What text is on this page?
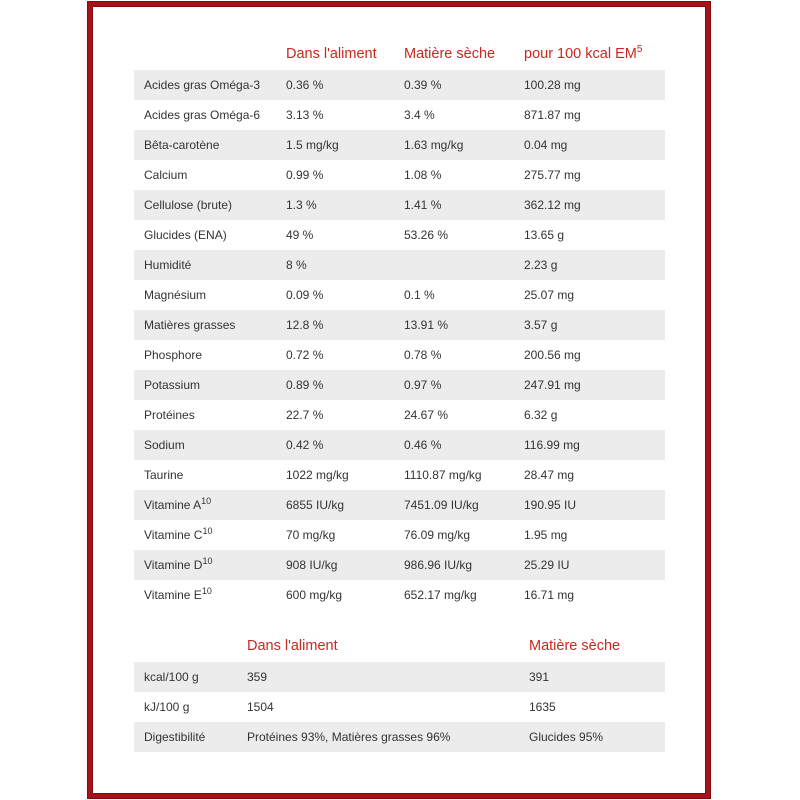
	Dans l'aliment	Matière sèche	pour 100 kcal $EM^5$
Acides gras Oméga-3	0.36 %	0.39 %	100.28 mg
Acides gras Oméga-6	3.13 %	3.4 %	871.87 mg
Bêta-carotène	1.5 mg/kg	1.63 mg/kg	0.04 mg
Calcium	0.99 %	1.08 %	275.77 mg
Cellulose (brute)	1.3 %	1.41 %	362.12 mg
Glucides (ENA)	49 %	53.26 %	13.65 g
Humidité	8 %		2.23 g
Magnésium	0.09 %	0.1 %	25.07 mg
Matières grasses	12.8 %	13.91 %	3.57 g
Phosphore	0.72 %	0.78 %	200.56 mg
Potassium	0.89 %	0.97 %	247.91 mg
Protéines	22.7 %	24.67 %	6.32 g
Sodium	0.42 %	0.46 %	116.99 mg
Taurine	1022 mg/kg	1110.87 mg/kg	28.47 mg
Vitamine $A^{10}$	6855 IU/kg	7451.09 IU/kg	190.95 IU
Vitamine $C^{10}$	70 mg/kg	76.09 mg/kg	1.95 mg
Vitamine $D^{10}$	908 IU/kg	986.96 IU/kg	25.29 IU
Vitamine $E^{10}$	600 mg/kg	652.17 mg/kg	16.71 mg
	Dans l'aliment	Matière sèche
kcal/100 g	359	391
kJ/100 g	1504	1635
Digestibilité	Protéines 93%, Matières grasses 96%	Glucides 95%
